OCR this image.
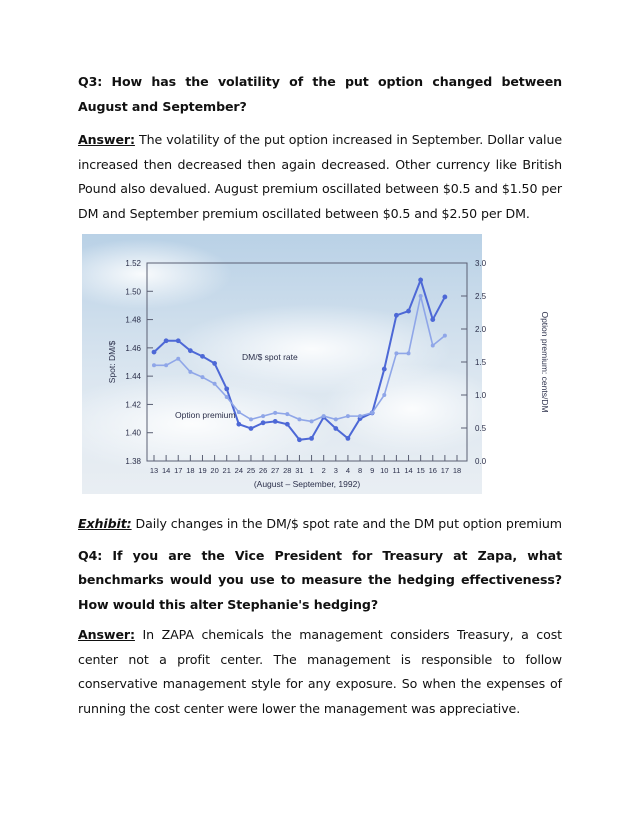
Q3: How has the volatility of the put option changed between August and September?

Answer: The volatility of the put option increased in September. Dollar value increased then decreased then again decreased. Other currency like British Pound also devalued. August premium oscillated between $0.5 and $1.50 per DM and September premium oscillated between $0.5 and $2.50 per DM.

1.52
1.50
1.48
1.46
1.44
1.42
1.40
1.38
3.0
2.5
2.0
1.5
1.0
0.5
0.0
13 14 17 18 19 20 21 24 25 26 27 28 31 1 2 3 4 8 9 10 11 14 15 16 17 18
DM/$ spot rate
Option premium
Spot: DM/$	Option premium: cents/DM
(August – September, 1992)

Exhibit: Daily changes in the DM/$ spot rate and the DM put option premium

Q4: If you are the Vice President for Treasury at Zapa, what benchmarks would you use to measure the hedging effectiveness? How would this alter Stephanie's hedging?

Answer: In ZAPA chemicals the management considers Treasury, a cost center not a profit center. The management is responsible to follow conservative management style for any exposure. So when the expenses of running the cost center were lower the management was appreciative.
